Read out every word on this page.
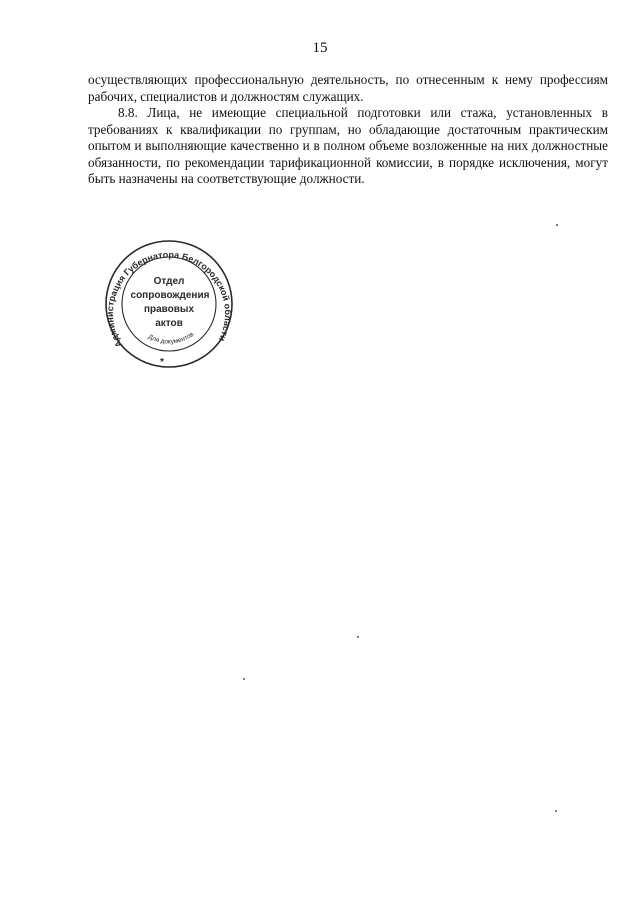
15

осуществляющих профессиональную деятельность, по отнесенным к нему профессиям рабочих, специалистов и должностям служащих.

8.8. Лица, не имеющие специальной подготовки или стажа, установленных в требованиях к квалификации по группам, но обладающие достаточным практическим опытом и выполняющие качественно и в полном объеме возложенные на них должностные обязанности, по рекомендации тарификационной комиссии, в порядке исключения, могут быть назначены на соответствующие должности.

Администрация Губернатора Белгородской области
Для документов
Отдел
сопровождения
правовых
актов
*
